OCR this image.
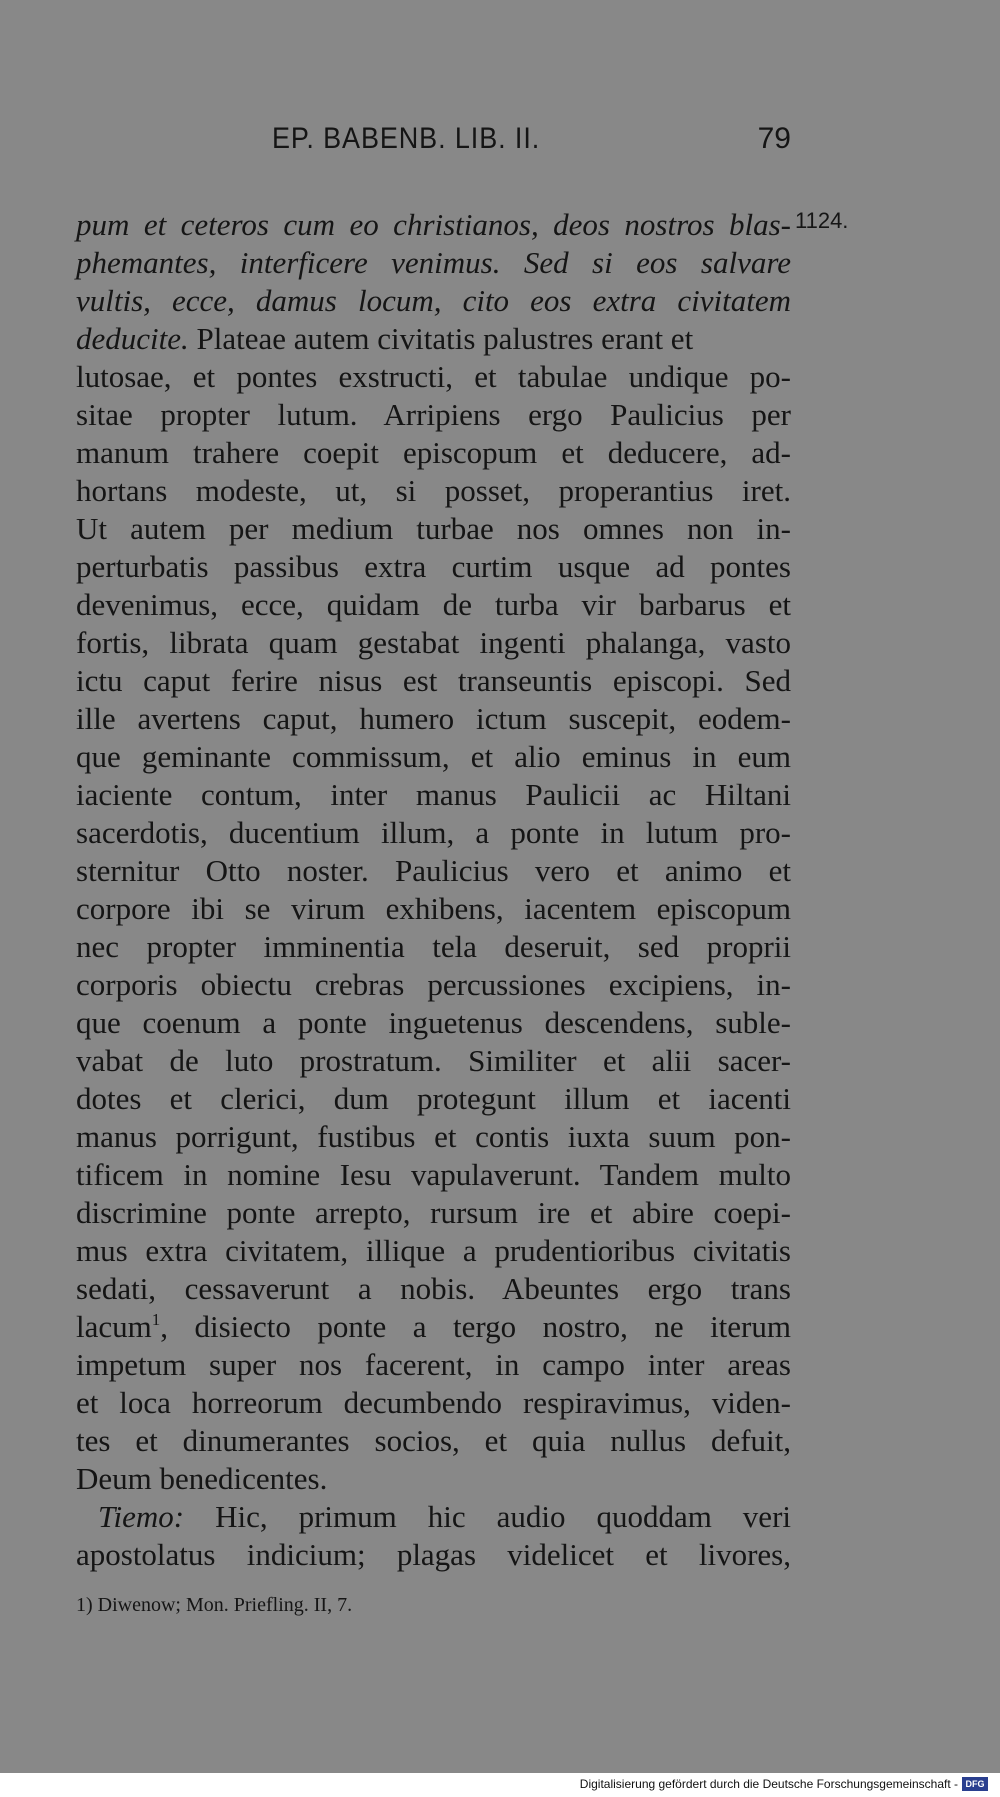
EP. BABENB. LIB. II.	79
1124.
pum et ceteros cum eo christianos, deos nostros blas-
phemantes, interficere venimus. Sed si eos salvare
vultis, ecce, damus locum, cito eos extra civitatem
deducite. Plateae autem civitatis palustres erant et
lutosae, et pontes exstructi, et tabulae undique po-
sitae propter lutum. Arripiens ergo Paulicius per
manum trahere coepit episcopum et deducere, ad-
hortans modeste, ut, si posset, properantius iret.
Ut autem per medium turbae nos omnes non in-
perturbatis passibus extra curtim usque ad pontes
devenimus, ecce, quidam de turba vir barbarus et
fortis, librata quam gestabat ingenti phalanga, vasto
ictu caput ferire nisus est transeuntis episcopi. Sed
ille avertens caput, humero ictum suscepit, eodem-
que geminante commissum, et alio eminus in eum
iaciente contum, inter manus Paulicii ac Hiltani
sacerdotis, ducentium illum, a ponte in lutum pro-
sternitur Otto noster. Paulicius vero et animo et
corpore ibi se virum exhibens, iacentem episcopum
nec propter imminentia tela deseruit, sed proprii
corporis obiectu crebras percussiones excipiens, in-
que coenum a ponte inguetenus descendens, suble-
vabat de luto prostratum. Similiter et alii sacer-
dotes et clerici, dum protegunt illum et iacenti
manus porrigunt, fustibus et contis iuxta suum pon-
tificem in nomine Iesu vapulaverunt. Tandem multo
discrimine ponte arrepto, rursum ire et abire coepi-
mus extra civitatem, illique a prudentioribus civitatis
sedati, cessaverunt a nobis. Abeuntes ergo trans
lacum$^1$, disiecto ponte a tergo nostro, ne iterum
impetum super nos facerent, in campo inter areas
et loca horreorum decumbendo respiravimus, viden-
tes et dinumerantes socios, et quia nullus defuit,
Deum benedicentes.
Tiemo: Hic, primum hic audio quoddam veri
apostolatus indicium; plagas videlicet et livores,
1) Diwenow; Mon. Priefling. II, 7.
Digitalisierung gefördert durch die Deutsche Forschungsgemeinschaft - DFG
